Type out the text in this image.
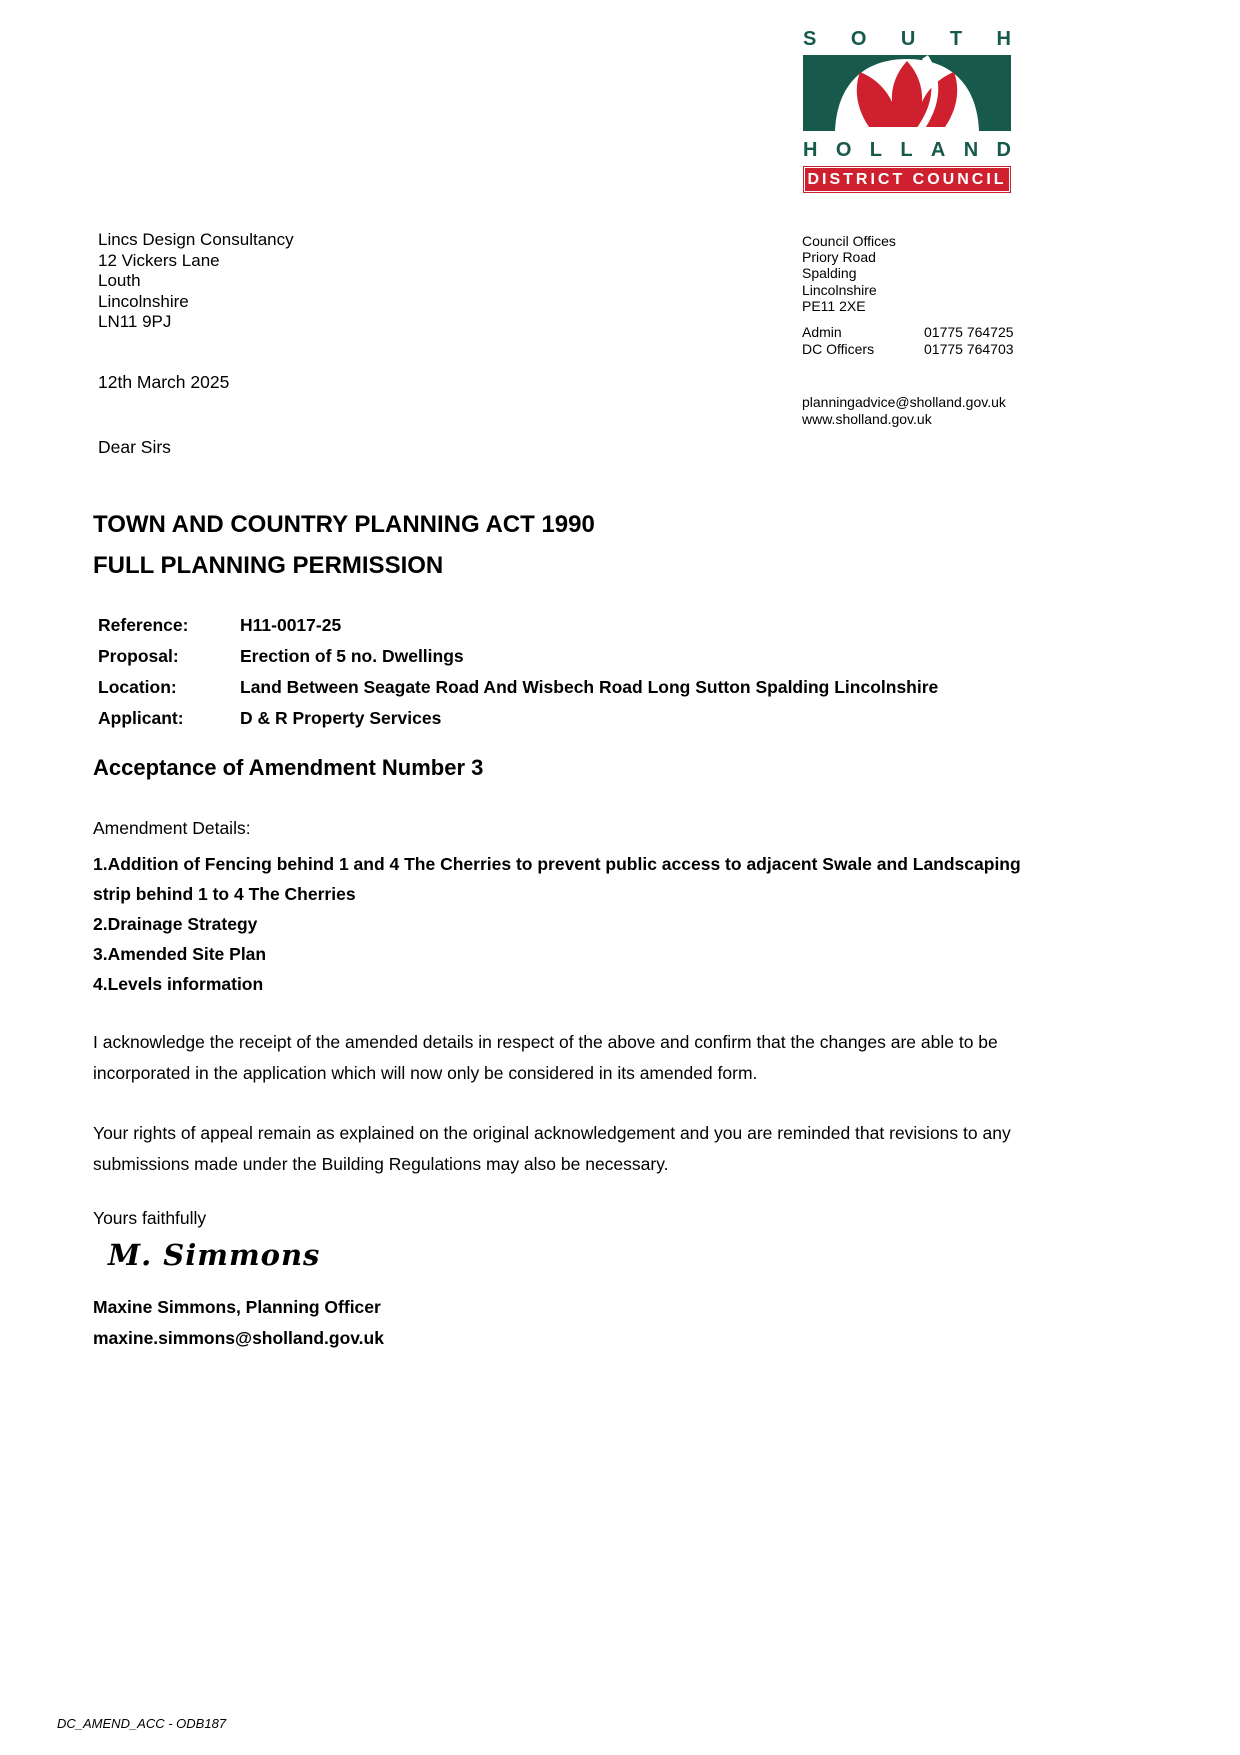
S O U T H
H O L L A N D
DISTRICT COUNCIL
Lincs Design Consultancy
12 Vickers Lane
Louth
Lincolnshire
LN11 9PJ
Council Offices
Priory Road
Spalding
Lincolnshire
PE11 2XE
Admin	01775 764725
DC Officers	01775 764703
planningadvice@sholland.gov.uk
www.sholland.gov.uk
12th March 2025
Dear Sirs
TOWN AND COUNTRY PLANNING ACT 1990
FULL PLANNING PERMISSION
Reference:	H11-0017-25
Proposal:	Erection of 5 no. Dwellings
Location:	Land Between Seagate Road And Wisbech Road Long Sutton Spalding Lincolnshire
Applicant:	D & R Property Services
Acceptance of Amendment Number 3
Amendment Details:
1.Addition of Fencing behind 1 and 4 The Cherries to prevent public access to adjacent Swale and Landscaping strip behind 1 to 4 The Cherries
2.Drainage Strategy
3.Amended Site Plan
4.Levels information
I acknowledge the receipt of the amended details in respect of the above and confirm that the changes are able to be incorporated in the application which will now only be considered in its amended form.
Your rights of appeal remain as explained on the original acknowledgement and you are reminded that revisions to any submissions made under the Building Regulations may also be necessary.
Yours faithfully
M. Simmons
Maxine Simmons, Planning Officer
maxine.simmons@sholland.gov.uk
DC_AMEND_ACC - ODB187
